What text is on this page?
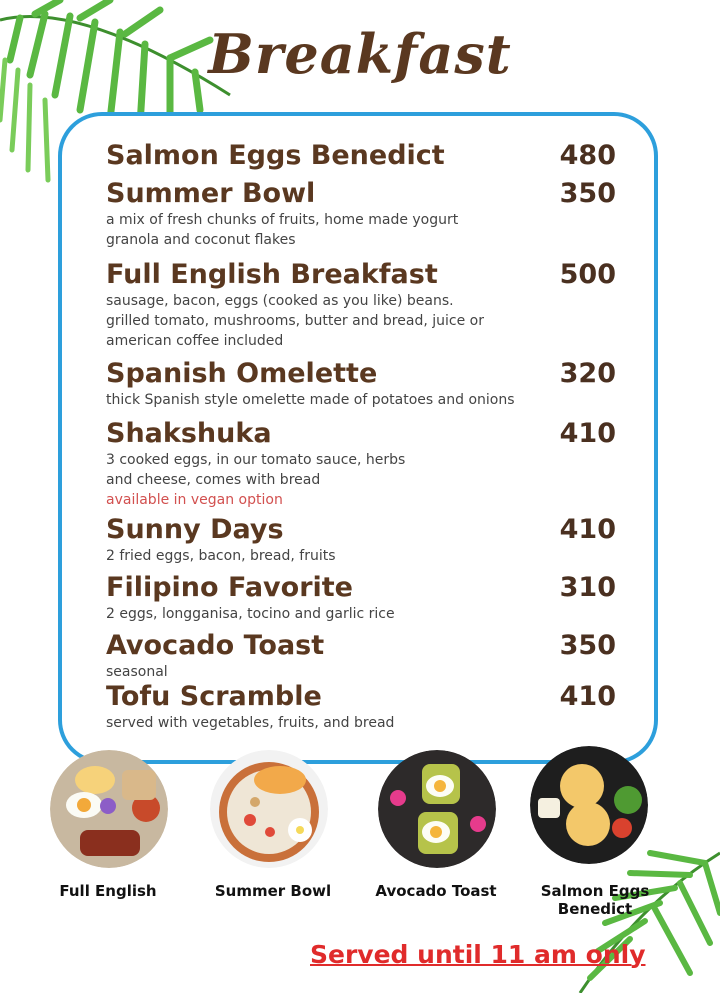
Breakfast
Salmon Eggs Benedict	480
Summer Bowl	350
a mix of fresh chunks of fruits, home made yogurt
granola and coconut flakes
Full English Breakfast	500
sausage, bacon, eggs (cooked as you like) beans.
grilled tomato, mushrooms, butter and bread, juice or
american coffee included
Spanish Omelette	320
thick Spanish style omelette made of potatoes and onions
Shakshuka	410
3 cooked eggs, in our tomato sauce, herbs
and cheese, comes with bread
available in vegan option
Sunny Days	410
2 fried eggs, bacon, bread, fruits
Filipino Favorite	310
2 eggs, longganisa, tocino and garlic rice
Avocado Toast	350
seasonal
Tofu Scramble	410
served with vegetables, fruits, and bread
Full English	Summer Bowl	Avocado Toast	Salmon Eggs Benedict
Served until 11 am only
